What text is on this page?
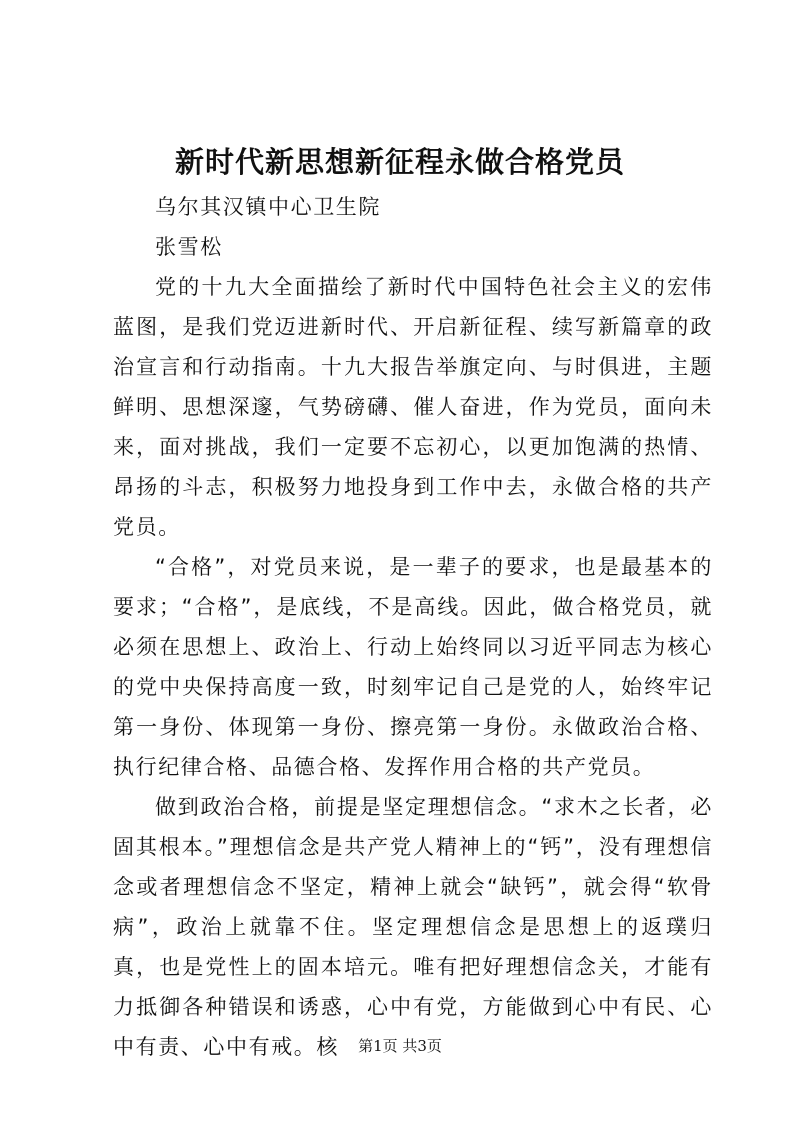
新时代新思想新征程永做合格党员

乌尔其汉镇中心卫生院

张雪松

党的十九大全面描绘了新时代中国特色社会主义的宏伟蓝图，是我们党迈进新时代、开启新征程、续写新篇章的政治宣言和行动指南。十九大报告举旗定向、与时俱进，主题鲜明、思想深邃，气势磅礴、催人奋进，作为党员，面向未来，面对挑战，我们一定要不忘初心，以更加饱满的热情、昂扬的斗志，积极努力地投身到工作中去，永做合格的共产党员。

“合格”，对党员来说，是一辈子的要求，也是最基本的要求；“合格”，是底线，不是高线。因此，做合格党员，就必须在思想上、政治上、行动上始终同以习近平同志为核心的党中央保持高度一致，时刻牢记自己是党的人，始终牢记第一身份、体现第一身份、擦亮第一身份。永做政治合格、执行纪律合格、品德合格、发挥作用合格的共产党员。

做到政治合格，前提是坚定理想信念。“求木之长者，必固其根本。”理想信念是共产党人精神上的“钙”，没有理想信念或者理想信念不坚定，精神上就会“缺钙”，就会得“软骨病”，政治上就靠不住。坚定理想信念是思想上的返璞归真，也是党性上的固本培元。唯有把好理想信念关，才能有力抵御各种错误和诱惑，心中有党，方能做到心中有民、心中有责、心中有戒。核	第1页 共3页
